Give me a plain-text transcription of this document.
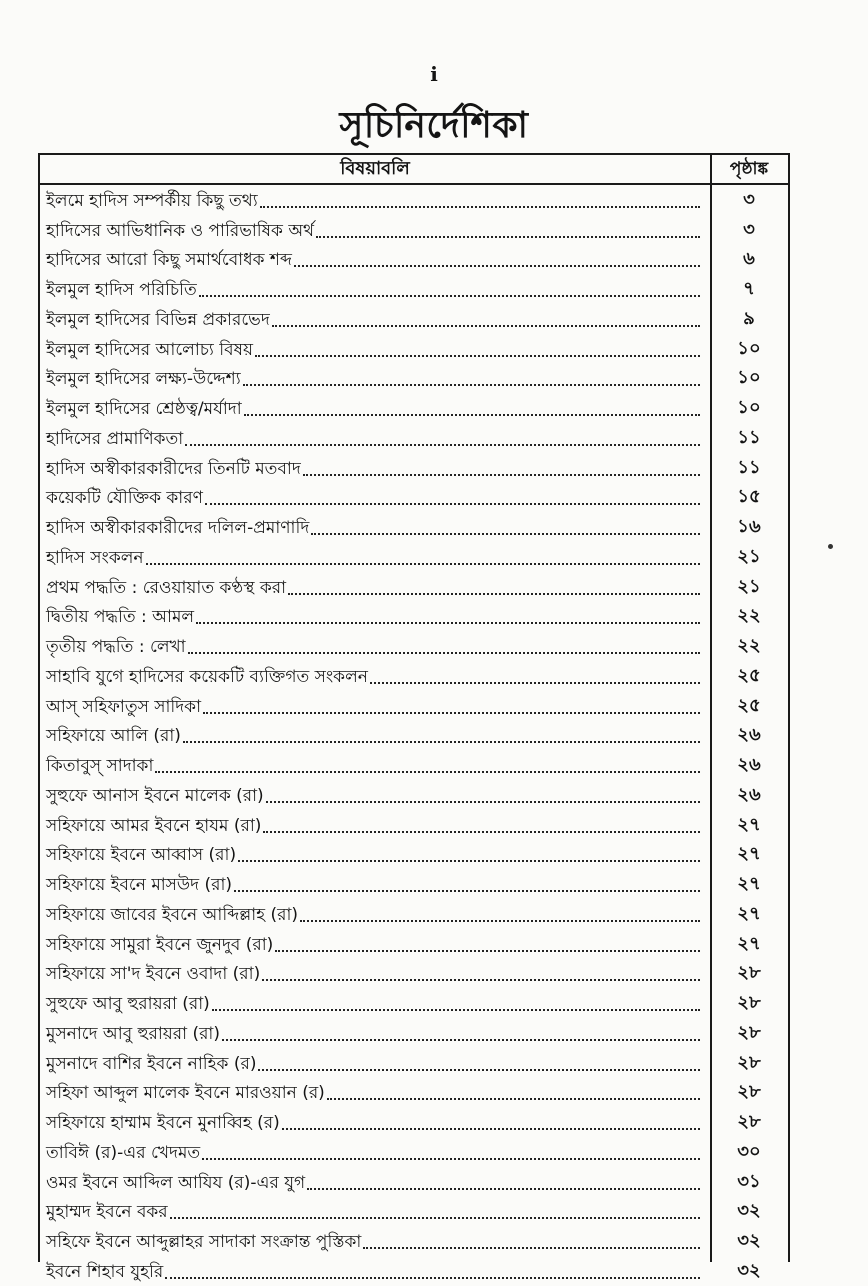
i
সূচিনির্দেশিকা
বিষয়াবলি	পৃষ্ঠাঙ্ক
ইলমে হাদিস সম্পর্কীয় কিছু তথ্য	৩
হাদিসের আভিধানিক ও পারিভাষিক অর্থ	৩
হাদিসের আরো কিছু সমার্থবোধক শব্দ	৬
ইলমুল হাদিস পরিচিতি	৭
ইলমুল হাদিসের বিভিন্ন প্রকারভেদ	৯
ইলমুল হাদিসের আলোচ্য বিষয়	১০
ইলমুল হাদিসের লক্ষ্য-উদ্দেশ্য	১০
ইলমুল হাদিসের শ্রেষ্ঠত্ব/মর্যাদা	১০
হাদিসের প্রামাণিকতা	১১
হাদিস অস্বীকারকারীদের তিনটি মতবাদ	১১
কয়েকটি যৌক্তিক কারণ	১৫
হাদিস অস্বীকারকারীদের দলিল-প্রমাণাদি	১৬
হাদিস সংকলন	২১
প্রথম পদ্ধতি : রেওয়ায়াত কণ্ঠস্থ করা	২১
দ্বিতীয় পদ্ধতি : আমল	২২
তৃতীয় পদ্ধতি : লেখা	২২
সাহাবি যুগে হাদিসের কয়েকটি ব্যক্তিগত সংকলন	২৫
আস্ সহিফাতুস সাদিকা	২৫
সহিফায়ে আলি (রা)	২৬
কিতাবুস্ সাদাকা	২৬
সুহুফে আনাস ইবনে মালেক (রা)	২৬
সহিফায়ে আমর ইবনে হাযম (রা)	২৭
সহিফায়ে ইবনে আব্বাস (রা)	২৭
সহিফায়ে ইবনে মাসউদ (রা)	২৭
সহিফায়ে জাবের ইবনে আব্দিল্লাহ (রা)	২৭
সহিফায়ে সামুরা ইবনে জুনদুব (রা)	২৭
সহিফায়ে সা'দ ইবনে ওবাদা (রা)	২৮
সুহুফে আবু হুরায়রা (রা)	২৮
মুসনাদে আবু হুরায়রা (রা)	২৮
মুসনাদে বাশির ইবনে নাহিক (র)	২৮
সহিফা আব্দুল মালেক ইবনে মারওয়ান (র)	২৮
সহিফায়ে হাম্মাম ইবনে মুনাব্বিহ (র)	২৮
তাবিঈ (র)-এর খেদমত	৩০
ওমর ইবনে আব্দিল আযিয (র)-এর যুগ	৩১
মুহাম্মদ ইবনে বকর	৩২
সহিফে ইবনে আব্দুল্লাহর সাদাকা সংক্রান্ত পুস্তিকা	৩২
ইবনে শিহাব যুহরি	৩২
